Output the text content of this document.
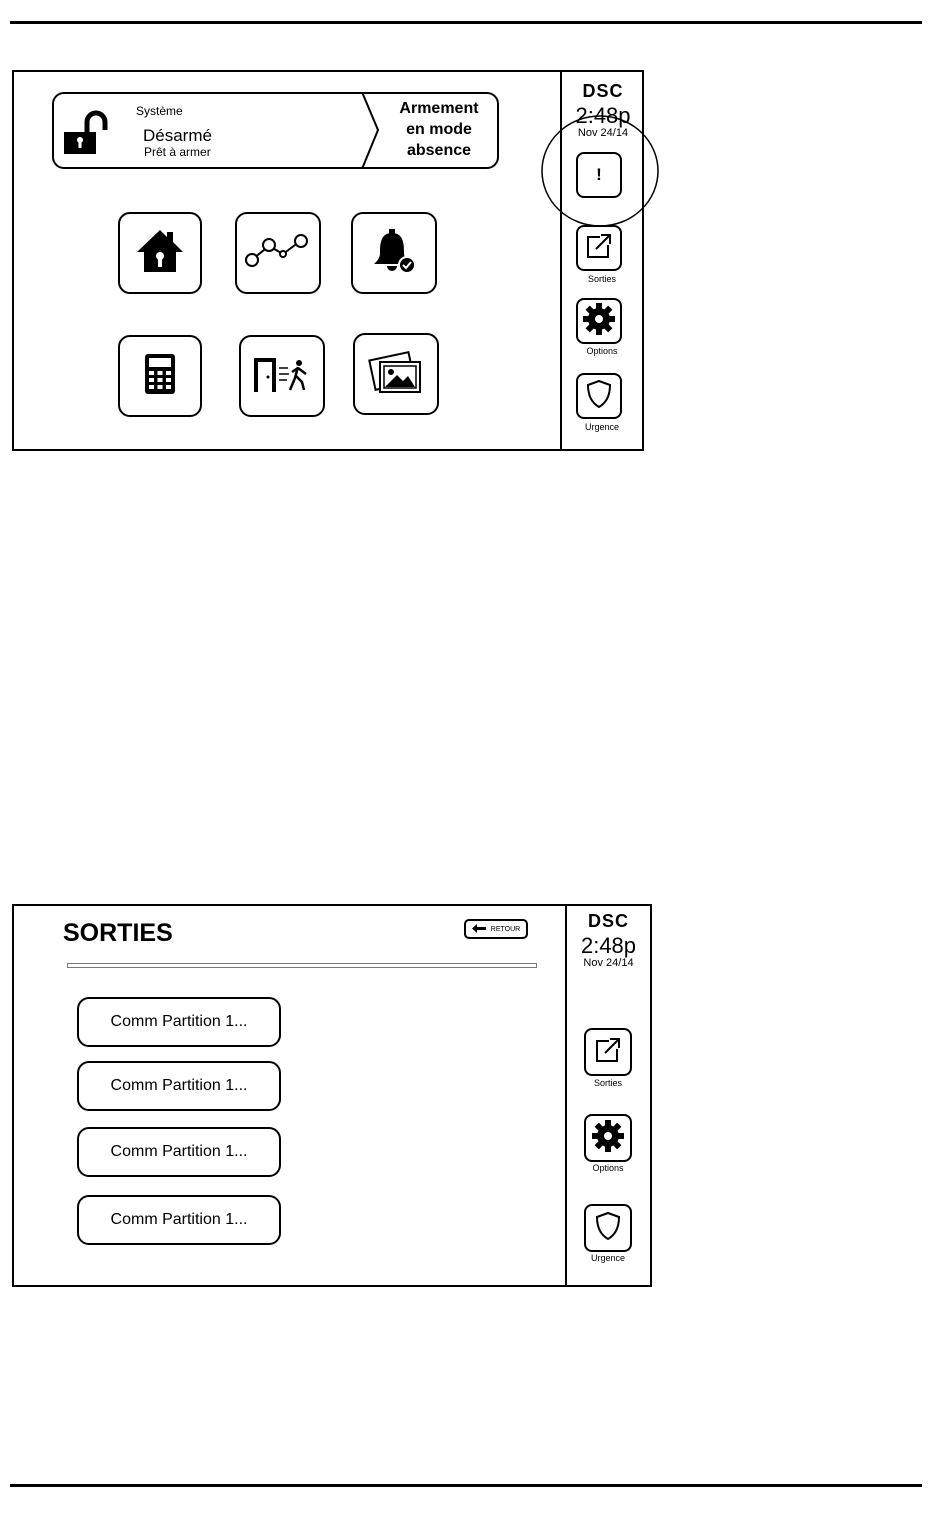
Système
Désarmé
Prêt à armer
Armement
en mode
absence
DSC
2:48p
Nov 24/14
!
Sorties
Options
Urgence
SORTIES	RETOUR
Comm Partition 1...
Comm Partition 1...
Comm Partition 1...
Comm Partition 1...
DSC
2:48p
Nov 24/14
Sorties
Options
Urgence
